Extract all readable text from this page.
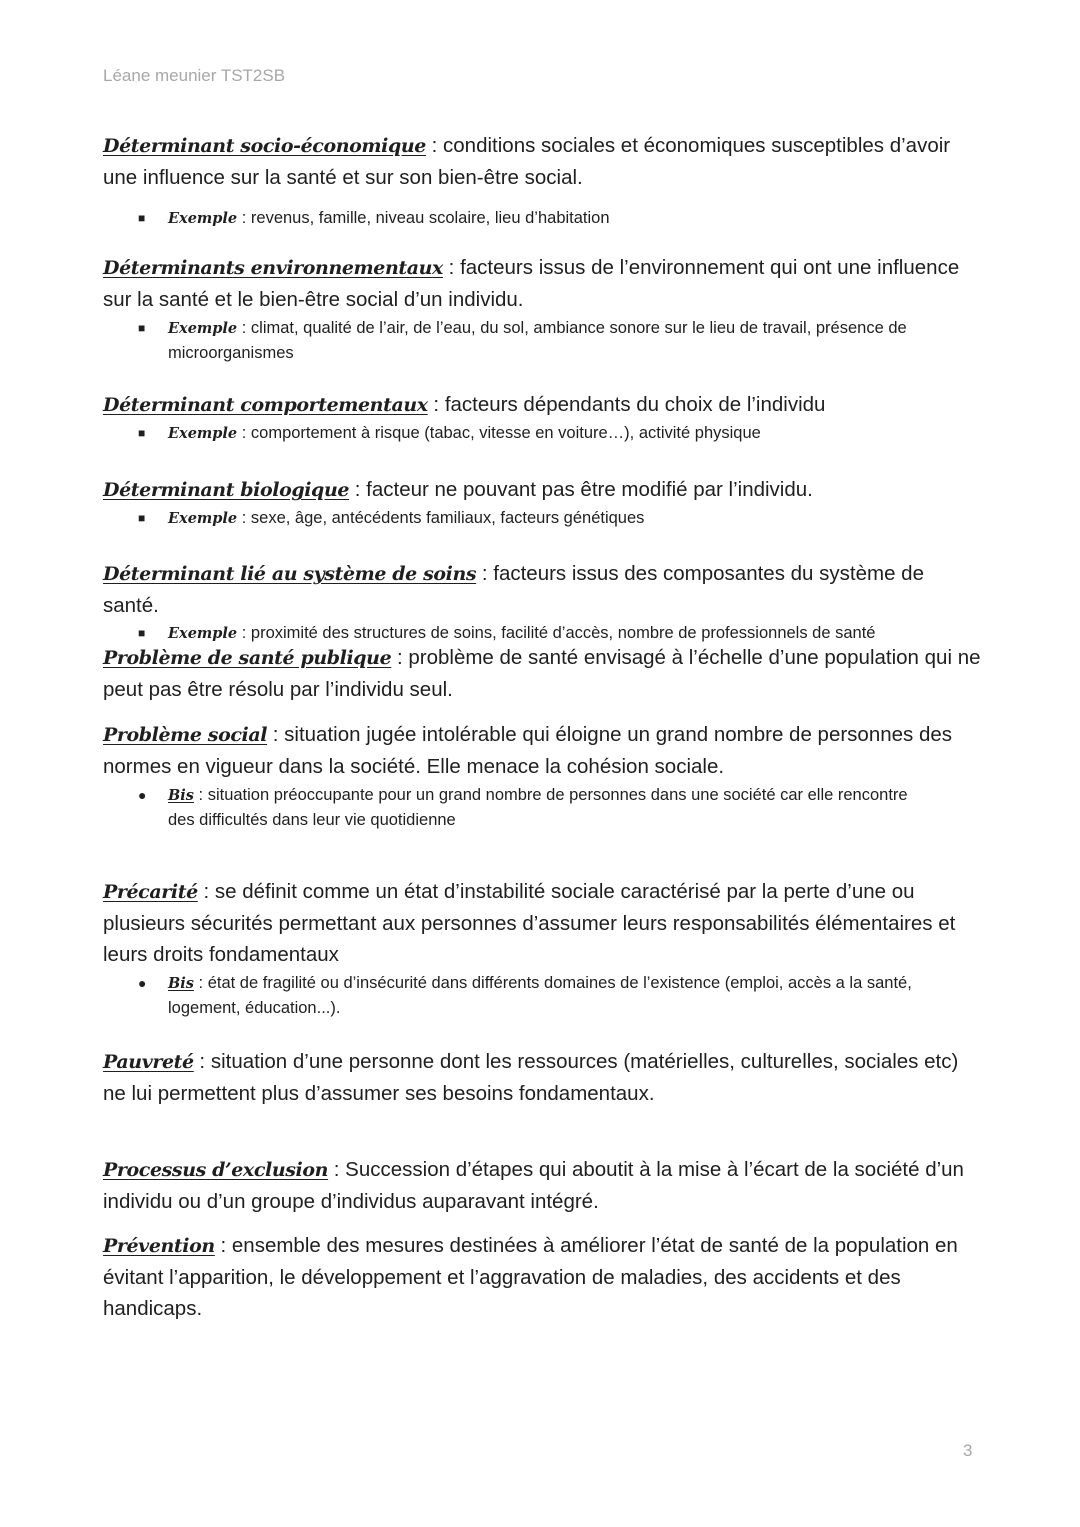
Léane meunier TST2SB
Déterminant socio-économique : conditions sociales et économiques susceptibles d’avoir une influence sur la santé et sur son bien-être social.
■ Exemple : revenus, famille, niveau scolaire, lieu d’habitation
Déterminants environnementaux : facteurs issus de l’environnement qui ont une influence sur la santé et le bien-être social d’un individu.
■ Exemple : climat, qualité de l’air, de l’eau, du sol, ambiance sonore sur le lieu de travail, présence de microorganismes
Déterminant comportementaux : facteurs dépendants du choix de l’individu
■ Exemple : comportement à risque (tabac, vitesse en voiture…), activité physique
Déterminant biologique : facteur ne pouvant pas être modifié par l’individu.
■ Exemple : sexe, âge, antécédents familiaux, facteurs génétiques
Déterminant lié au système de soins : facteurs issus des composantes du système de santé.
■ Exemple : proximité des structures de soins, facilité d’accès, nombre de professionnels de santé
Problème de santé publique : problème de santé envisagé à l’échelle d’une population qui ne peut pas être résolu par l’individu seul.
Problème social : situation jugée intolérable qui éloigne un grand nombre de personnes des normes en vigueur dans la société. Elle menace la cohésion sociale.
● Bis : situation préoccupante pour un grand nombre de personnes dans une société car elle rencontre des difficultés dans leur vie quotidienne
Précarité : se définit comme un état d’instabilité sociale caractérisé par la perte d’une ou plusieurs sécurités permettant aux personnes d’assumer leurs responsabilités élémentaires et leurs droits fondamentaux
● Bis : état de fragilité ou d’insécurité dans différents domaines de l’existence (emploi, accès a la santé, logement, éducation...).
Pauvreté : situation d’une personne dont les ressources (matérielles, culturelles, sociales etc) ne lui permettent plus d’assumer ses besoins fondamentaux.
Processus d’exclusion : Succession d’étapes qui aboutit à la mise à l’écart de la société d’un individu ou d’un groupe d’individus auparavant intégré.
Prévention : ensemble des mesures destinées à améliorer l’état de santé de la population en évitant l’apparition, le développement et l’aggravation de maladies, des accidents et des handicaps.
3
